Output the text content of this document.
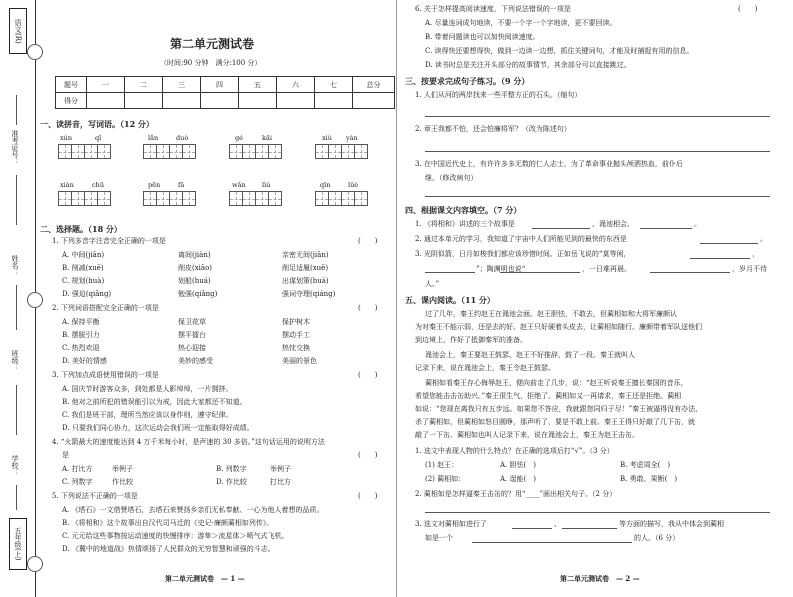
语文(R)
准考证号：
姓名：
班级：
学校：
五年级(上)
第二单元测试卷
（时间:90 分钟　满分:100 分）
题号	一	二	三	四	五	六	七	总分
得分								
一、读拼音，写词语。（12 分）
xún	qǐ	lǎn	duò	gé	kāi	xiù yán
xiàn	chū	pēn	fā	wǎn	lìú	qīn	lüè
二、选择题。（18 分）
1. 下列多音字注音完全正确的一项是	(　　)
A. 中间(jiān)	离间(jiàn)	亲密无间(jiān)
B. 削减(xuē)	削皮(xiāo)	削足适履(xuē)
C. 规划(huà)	划船(huá)	出谋划策(huà)
D. 强迫(qiǎng)	勉强(qiǎng)	强词夺理(qiáng)
2. 下列词语搭配完全正确的一项是	(　　)
A. 保持平衡	保卫花草	保护树木
B. 摆脱引力	摆平擂台	摆动手工
C. 热烈欢迎	热心迎接	热忱交换
D. 美好的情感	美妙的感受	美丽的景色
3. 下列加点成语使用错误的一项是	(　　)
A. 国庆节时游客众多，到处都是人影绰绰，一片拥挤。
B. 他对之前所犯的错误能引以为戒，因此大家都还不知道。
C. 我们是班干部，理所当然应该以身作则，遵守纪律。
D. 只要我们同心协力，这次运动会我们班一定能取得好成绩。
4. “火箭最大的速度能达到 4 万千米每小时，是声速的 30 多倍。”这句话运用的说明方法
是	(　　)
A. 打比方	举例子	B. 列数字	举例子
C. 列数字	作比较	D. 作比较	打比方
5. 下列说法不正确的一项是	(　　)
A. 《塔石》一文借赞塔石，去塔石来赞扬乡亲们无私奉献、一心为他人着想的品质。
B. 《将相和》这个故事出自汉代司马迁的《史记·廉颇蔺相如列传》。
C. 元元给这些事物按运动速度的快慢排序：游隼＞流星体＞喷气式飞机。
D. 《冀中的地道战》热情颂扬了人民群众的无穷智慧和顽强的斗志。
第二单元测试卷　— 1 —
6. 关于怎样提高阅读速度，下列说法错误的一项是	(　　)
A. 尽量连词成句地读，不要一个字一个字地读，更不要回读。
B. 带着问题读也可以加快阅读速度。
C. 读得快还要想得快，做到一边读一边想，抓住关键词句，才能及时捕捉有用的信息。
D. 读书时总是关注开头部分的故事情节，其余部分可以直接跳过。
三、按要求完成句子练习。（9 分）
1. 人们从河的两岸找来一些平整方正的石头。（缩句）
2. 章王我都不怕，还会怕廉将军？（改为陈述句）
3. 在中国近代史上，有许许多多无数的仁人志士，为了革命事业抛头颅洒热血，前仆后
继。（修改病句）
四、根据课文内容填空。（7 分）
1. 《将相和》讲述的三个故事是	、渑池相会、	。
2. 通过本单元的学习，我知道了宇宙中人们所能见到的最快的东西是	。
3. 光阴似箭，日月如梭我们都应该珍惜时间。正如岳飞说的“莫等闲，	，
”；陶渊明也说“	，一日难再晨。	，岁月不待
人。”
五、课内阅读。（11 分）
过了几年，秦王约赵王在渑池会面。赵王胆怯，不敢去，但蔺相如和大将军廉颇认
为对秦王不能示弱，还是去的好。赵王只好硬着头皮去，让蔺相如随行。廉颇带着军队送他们
到边境上，作好了抵御秦军的准备。
渑池会上，秦王要赵王鼓瑟。赵王不好推辞，鼓了一段。秦王就叫人
记录下来，说在渑池会上，秦王令赵王鼓瑟。
蔺相如看秦王存心侮辱赵王，便向前走了几步，说：“赵王听说秦王擅长秦国的音乐，
希望您能击击缶助兴。”秦王很生气，拒绝了。蔺相如又一再请求，秦王还是拒绝。蔺相
如说：“您现在离我只有五步远。如果您不答应，我就跟您同归于尽！”秦王被逼得没有办法，
杀了蔺相如，但蔺相如怒目圆睁，那声听了，要是不敢上前。秦王王得只好敲了几下缶，就
敲了一下缶。蔺相如也叫人记录下来，说在渑池会上，秦王为赵王击缶。
1. 选文中表现人物的什么特点？在正确的选项后打“√”。（3 分）
(1) 赵王：	A. 胆怯(　)	B. 考虑周全(　)
(2) 蔺相如：	A. 逞能(　)	B. 勇敢、果断(　)
2. 蔺相如是怎样逼秦王击缶的？用“____”画出相关句子。（2 分）
3. 选文对蔺相如进行了	、	等方面的描写，我从中体会到蔺相
如是一个	的人。（6 分）
第二单元测试卷　— 2 —
